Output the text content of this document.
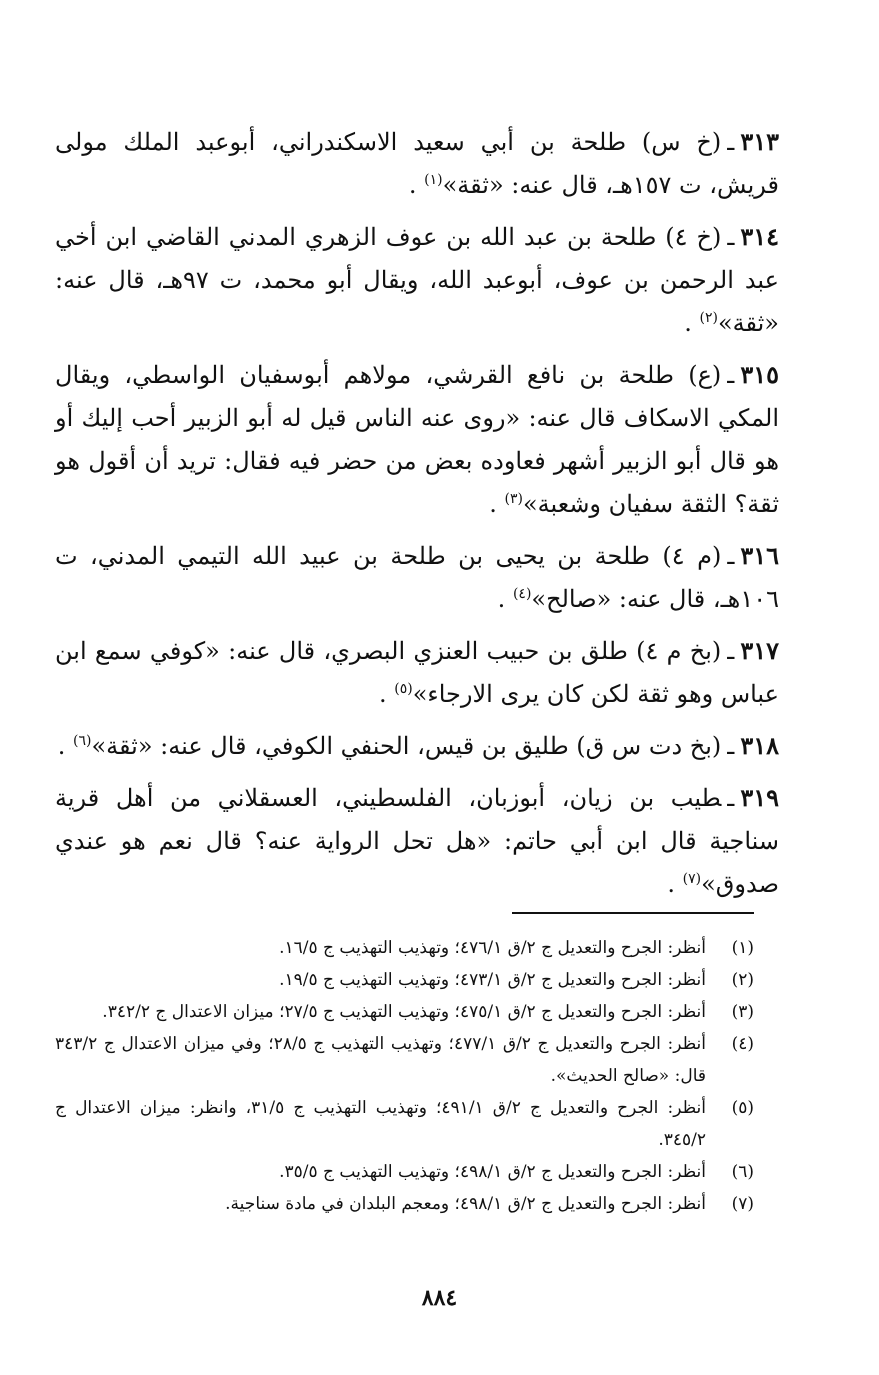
٣١٣ـ(خ س) طلحة بن أبي سعيد الاسكندراني، أبوعبد الملك مولى قريش، ت ١٥٧هـ، قال عنه: «ثقة»$^{(١)}$ .

٣١٤ـ(خ ٤) طلحة بن عبد الله بن عوف الزهري المدني القاضي ابن أخي عبد الرحمن بن عوف، أبوعبد الله، ويقال أبو محمد، ت ٩٧هـ، قال عنه: «ثقة»$^{(٢)}$ .

٣١٥ـ(ع) طلحة بن نافع القرشي، مولاهم أبوسفيان الواسطي، ويقال المكي الاسكاف قال عنه: «روى عنه الناس قيل له أبو الزبير أحب إليك أو هو قال أبو الزبير أشهر فعاوده بعض من حضر فيه فقال: تريد أن أقول هو ثقة؟ الثقة سفيان وشعبة»$^{(٣)}$ .

٣١٦ـ(م ٤) طلحة بن يحيى بن طلحة بن عبيد الله التيمي المدني، ت ١٠٦هـ، قال عنه: «صالح»$^{(٤)}$ .

٣١٧ـ(بخ م ٤) طلق بن حبيب العنزي البصري، قال عنه: «كوفي سمع ابن عباس وهو ثقة لكن كان يرى الارجاء»$^{(٥)}$ .

٣١٨ـ(بخ دت س ق) طليق بن قيس، الحنفي الكوفي، قال عنه: «ثقة»$^{(٦)}$ .

٣١٩ـطيب بن زيان، أبوزبان، الفلسطيني، العسقلاني من أهل قرية سناجية قال ابن أبي حاتم: «هل تحل الرواية عنه؟ قال نعم هو عندي صدوق»$^{(٧)}$ .

(١)
أنظر: الجرح والتعديل ج ٢/ق ٤٧٦/١؛ وتهذيب التهذيب ج ١٦/٥.
(٢)
أنظر: الجرح والتعديل ج ٢/ق ٤٧٣/١؛ وتهذيب التهذيب ج ١٩/٥.
(٣)
أنظر: الجرح والتعديل ج ٢/ق ٤٧٥/١؛ وتهذيب التهذيب ج ٢٧/٥؛ ميزان الاعتدال ج ٣٤٢/٢.
(٤)
أنظر: الجرح والتعديل ج ٢/ق ٤٧٧/١؛ وتهذيب التهذيب ج ٢٨/٥؛ وفي ميزان الاعتدال ج ٣٤٣/٢ قال: «صالح الحديث».
(٥)
أنظر: الجرح والتعديل ج ٢/ق ٤٩١/١؛ وتهذيب التهذيب ج ٣١/٥، وانظر: ميزان الاعتدال ج ٣٤٥/٢.
(٦)
أنظر: الجرح والتعديل ج ٢/ق ٤٩٨/١؛ وتهذيب التهذيب ج ٣٥/٥.
(٧)
أنظر: الجرح والتعديل ج ٢/ق ٤٩٨/١؛ ومعجم البلدان في مادة سناجية.
٨٨٤
